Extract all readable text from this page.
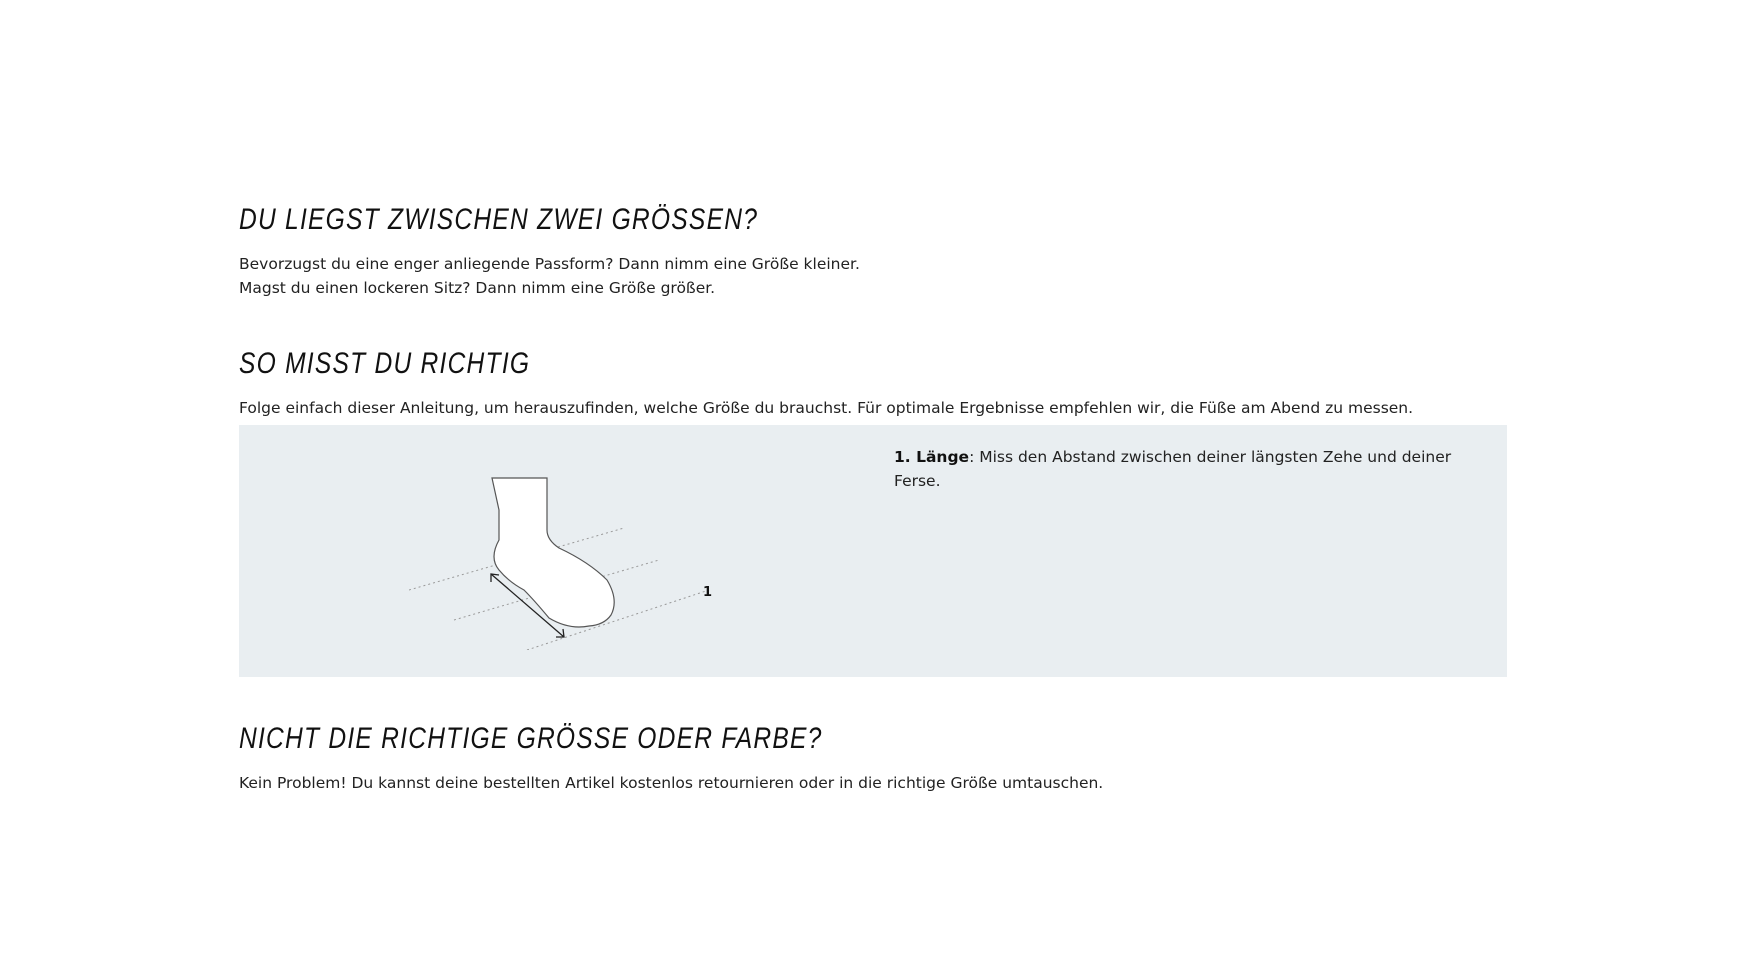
DU LIEGST ZWISCHEN ZWEI GRÖSSEN?

Bevorzugst du eine enger anliegende Passform? Dann nimm eine Größe kleiner.

Magst du einen lockeren Sitz? Dann nimm eine Größe größer.

SO MISST DU RICHTIG

Folge einfach dieser Anleitung, um herauszufinden, welche Größe du brauchst. Für optimale Ergebnisse empfehlen wir, die Füße am Abend zu messen.

1

1. Länge: Miss den Abstand zwischen deiner längsten Zehe und deiner Ferse.

NICHT DIE RICHTIGE GRÖSSE ODER FARBE?

Kein Problem! Du kannst deine bestellten Artikel kostenlos retournieren oder in die richtige Größe umtauschen.
